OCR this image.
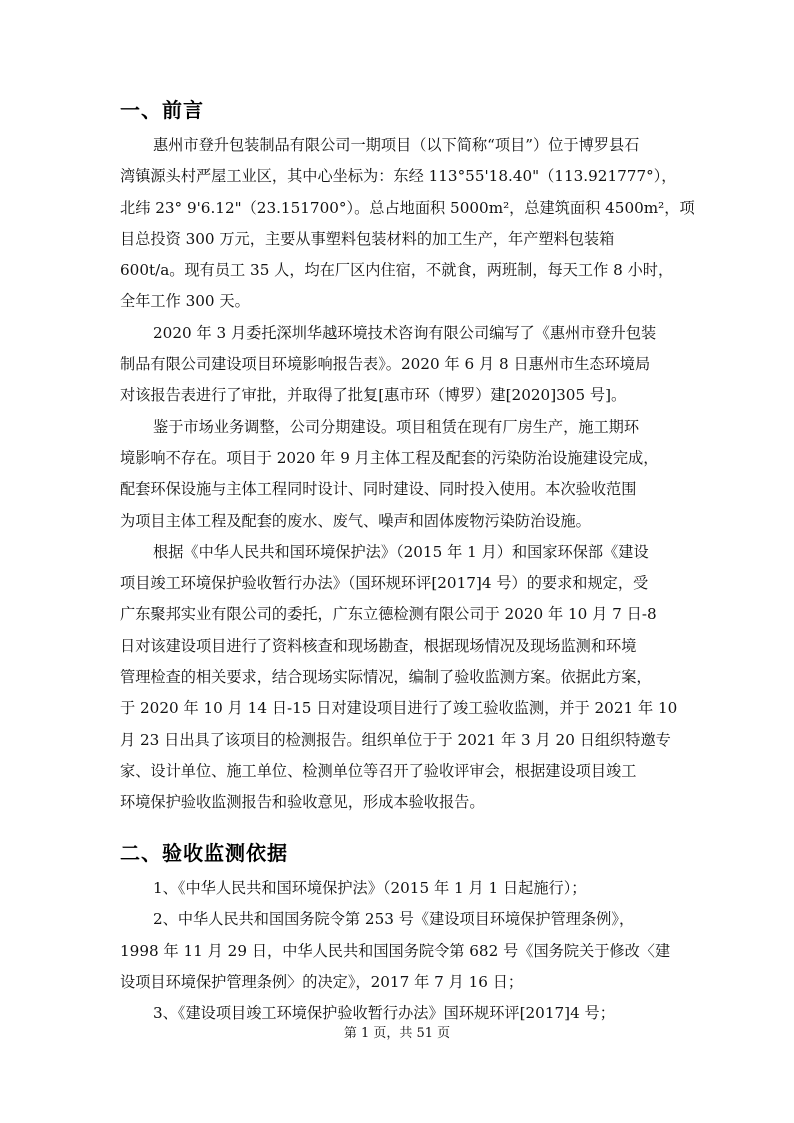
一、前言
惠州市登升包装制品有限公司一期项目（以下简称“项目”）位于博罗县石
湾镇源头村严屋工业区，其中心坐标为：东经 113°55'18.40"（113.921777°），
北纬 23° 9'6.12"（23.151700°）。总占地面积 5000m²，总建筑面积 4500m²，项
目总投资 300 万元，主要从事塑料包装材料的加工生产，年产塑料包装箱
600t/a。现有员工 35 人，均在厂区内住宿，不就食，两班制，每天工作 8 小时，
全年工作 300 天。
2020 年 3 月委托深圳华越环境技术咨询有限公司编写了《惠州市登升包装
制品有限公司建设项目环境影响报告表》。2020 年 6 月 8 日惠州市生态环境局
对该报告表进行了审批，并取得了批复[惠市环（博罗）建[2020]305 号]。
鉴于市场业务调整，公司分期建设。项目租赁在现有厂房生产，施工期环
境影响不存在。项目于 2020 年 9 月主体工程及配套的污染防治设施建设完成，
配套环保设施与主体工程同时设计、同时建设、同时投入使用。本次验收范围
为项目主体工程及配套的废水、废气、噪声和固体废物污染防治设施。
根据《中华人民共和国环境保护法》（2015 年 1 月）和国家环保部《建设
项目竣工环境保护验收暂行办法》（国环规环评[2017]4 号）的要求和规定，受
广东聚邦实业有限公司的委托，广东立德检测有限公司于 2020 年 10 月 7 日-8
日对该建设项目进行了资料核查和现场勘查，根据现场情况及现场监测和环境
管理检查的相关要求，结合现场实际情况，编制了验收监测方案。依据此方案，
于 2020 年 10 月 14 日-15 日对建设项目进行了竣工验收监测，并于 2021 年 10
月 23 日出具了该项目的检测报告。组织单位于于 2021 年 3 月 20 日组织特邀专
家、设计单位、施工单位、检测单位等召开了验收评审会，根据建设项目竣工
环境保护验收监测报告和验收意见，形成本验收报告。
二、验收监测依据
1、《中华人民共和国环境保护法》（2015 年 1 月 1 日起施行）；
2、中华人民共和国国务院令第 253 号《建设项目环境保护管理条例》，
1998 年 11 月 29 日，中华人民共和国国务院令第 682 号《国务院关于修改〈建
设项目环境保护管理条例〉的决定》，2017 年 7 月 16 日；
3、《建设项目竣工环境保护验收暂行办法》国环规环评[2017]4 号；
第 1 页，共 51 页
